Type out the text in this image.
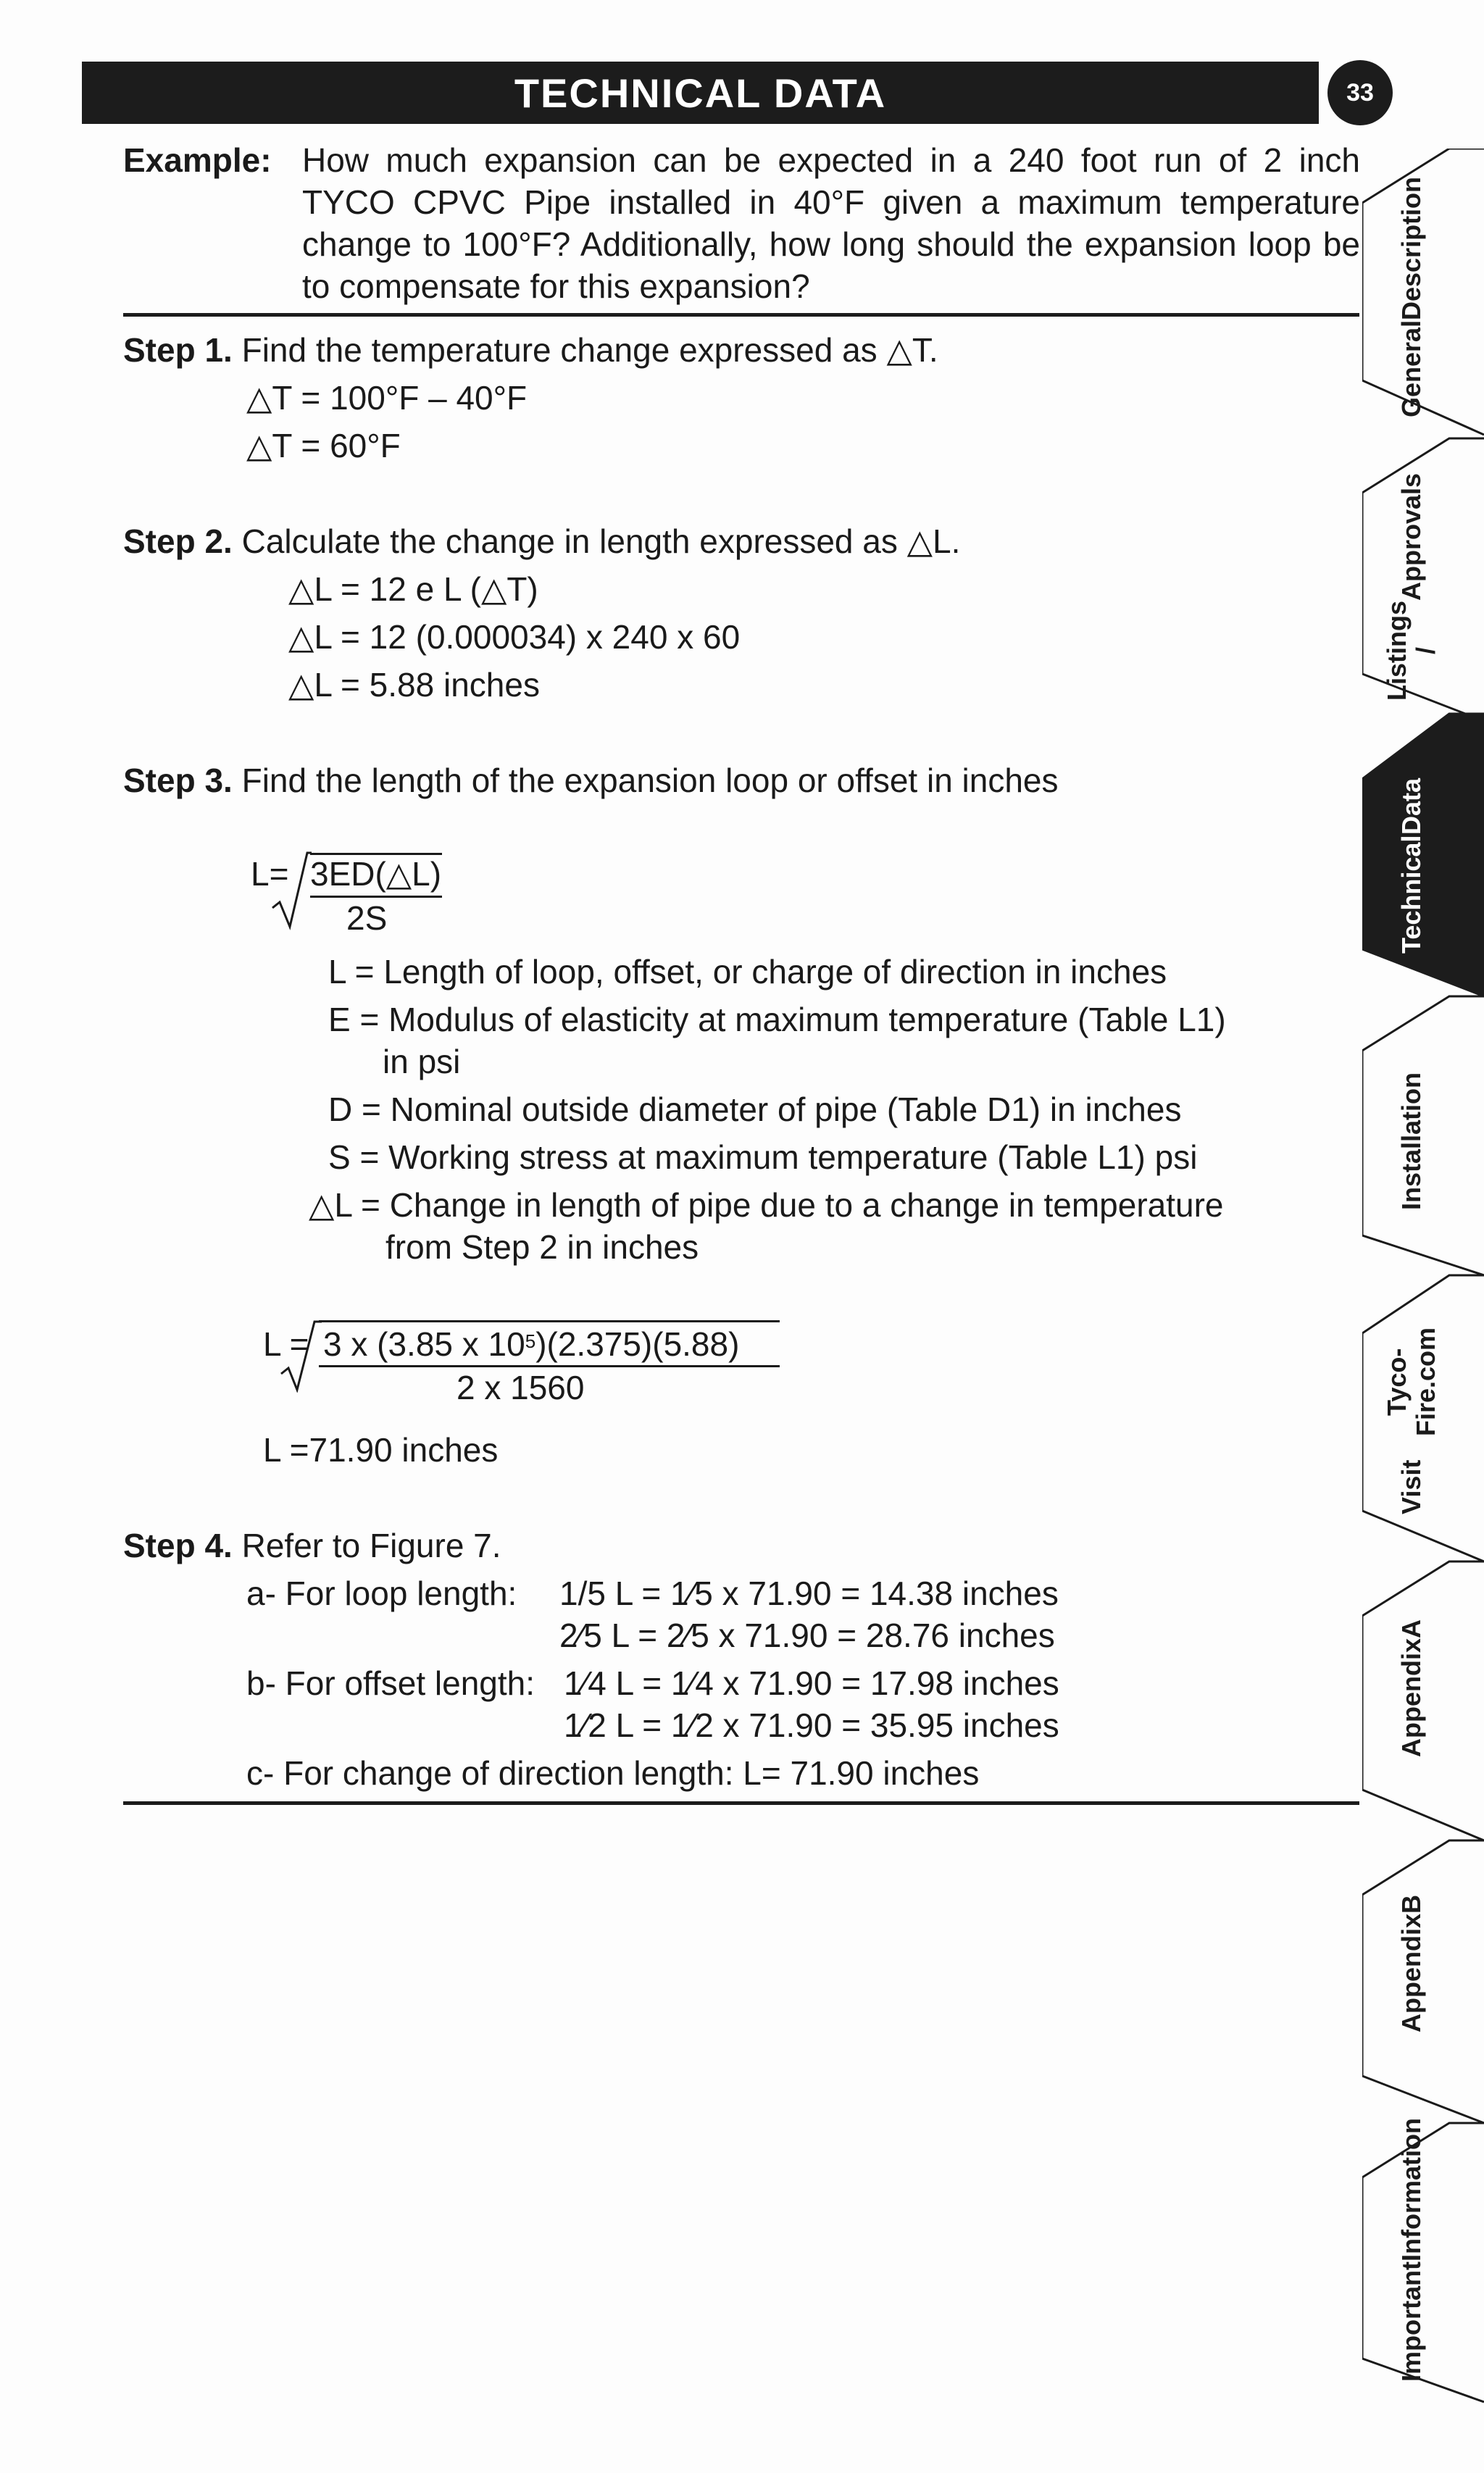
TECHNICAL DATA	33
Example: How much expansion can be expected in a 240 foot run of 2 inch TYCO CPVC Pipe installed in 40°F given a maximum temperature change to 100°F? Additionally, how long should the expansion loop be to compensate for this expansion?
Step 1. Find the temperature change expressed as △T.
△T = 100°F – 40°F
△T = 60°F
Step 2. Calculate the change in length expressed as △L.
△L = 12 e L (△T)
△L = 12 (0.000034) x 240 x 60
△L = 5.88 inches
Step 3. Find the length of the expansion loop or offset in inches
L= 3ED(△L)
2S
L = Length of loop, offset, or charge of direction in inches
E = Modulus of elasticity at maximum temperature (Table L1)
in psi
D = Nominal outside diameter of pipe (Table D1) in inches
S = Working stress at maximum temperature (Table L1) psi
△L = Change in length of pipe due to a change in temperature
from Step 2 in inches
L = 3 x (3.85 x $10^5)(2.375)(5.88)$
2 x 1560
L =71.90 inches
Step 4. Refer to Figure 7.
a- For loop length: 1/5 L = 1⁄5 x 71.90 = 14.38 inches
2⁄5 L = 2⁄5 x 71.90 = 28.76 inches
b- For offset length: 1⁄4 L = 1⁄4 x 71.90 = 17.98 inches
1⁄2 L = 1⁄2 x 71.90 = 35.95 inches
c- For change of direction length: L= 71.90 inches
General
Description
Listings /
Approvals
Technical
Data
Installation
Visit
Tyco-Fire.com
Appendix
A
Appendix
B
Important
Information
